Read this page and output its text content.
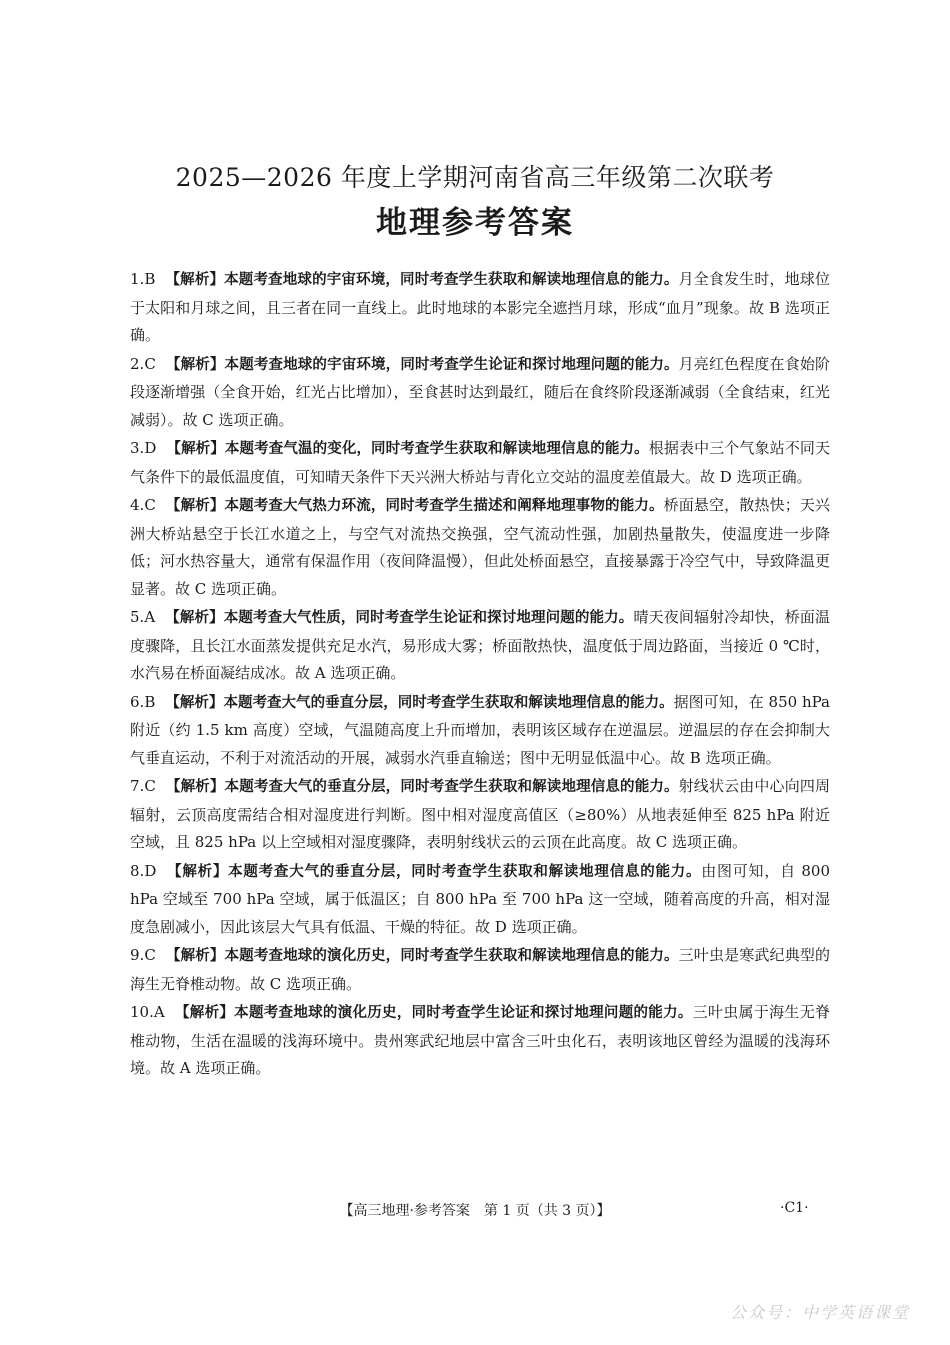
2025—2026 年度上学期河南省高三年级第二次联考
地理参考答案
1.B 【解析】本题考查地球的宇宙环境，同时考查学生获取和解读地理信息的能力。月全食发生时，地球位于太阳和月球之间，且三者在同一直线上。此时地球的本影完全遮挡月球，形成“血月”现象。故 B 选项正确。
2.C 【解析】本题考查地球的宇宙环境，同时考查学生论证和探讨地理问题的能力。月亮红色程度在食始阶段逐渐增强（全食开始，红光占比增加），至食甚时达到最红，随后在食终阶段逐渐减弱（全食结束，红光减弱）。故 C 选项正确。
3.D 【解析】本题考查气温的变化，同时考查学生获取和解读地理信息的能力。根据表中三个气象站不同天气条件下的最低温度值，可知晴天条件下天兴洲大桥站与青化立交站的温度差值最大。故 D 选项正确。
4.C 【解析】本题考查大气热力环流，同时考查学生描述和阐释地理事物的能力。桥面悬空，散热快；天兴洲大桥站悬空于长江水道之上，与空气对流热交换强，空气流动性强，加剧热量散失，使温度进一步降低；河水热容量大，通常有保温作用（夜间降温慢），但此处桥面悬空，直接暴露于冷空气中，导致降温更显著。故 C 选项正确。
5.A 【解析】本题考查大气性质，同时考查学生论证和探讨地理问题的能力。晴天夜间辐射冷却快，桥面温度骤降，且长江水面蒸发提供充足水汽，易形成大雾；桥面散热快，温度低于周边路面，当接近 0 ℃时，水汽易在桥面凝结成冰。故 A 选项正确。
6.B 【解析】本题考查大气的垂直分层，同时考查学生获取和解读地理信息的能力。据图可知，在 850 hPa 附近（约 1.5 km 高度）空域，气温随高度上升而增加，表明该区域存在逆温层。逆温层的存在会抑制大气垂直运动，不利于对流活动的开展，减弱水汽垂直输送；图中无明显低温中心。故 B 选项正确。
7.C 【解析】本题考查大气的垂直分层，同时考查学生获取和解读地理信息的能力。射线状云由中心向四周辐射，云顶高度需结合相对湿度进行判断。图中相对湿度高值区（≥80%）从地表延伸至 825 hPa 附近空域，且 825 hPa 以上空域相对湿度骤降，表明射线状云的云顶在此高度。故 C 选项正确。
8.D 【解析】本题考查大气的垂直分层，同时考查学生获取和解读地理信息的能力。由图可知，自 800 hPa 空域至 700 hPa 空域，属于低温区；自 800 hPa 至 700 hPa 这一空域，随着高度的升高，相对湿度急剧减小，因此该层大气具有低温、干燥的特征。故 D 选项正确。
9.C 【解析】本题考查地球的演化历史，同时考查学生获取和解读地理信息的能力。三叶虫是寒武纪典型的海生无脊椎动物。故 C 选项正确。
10.A 【解析】本题考查地球的演化历史，同时考查学生论证和探讨地理问题的能力。三叶虫属于海生无脊椎动物，生活在温暖的浅海环境中。贵州寒武纪地层中富含三叶虫化石，表明该地区曾经为温暖的浅海环境。故 A 选项正确。
【高三地理·参考答案　第 1 页（共 3 页）】	·C1·
公众号：中学英语课堂
